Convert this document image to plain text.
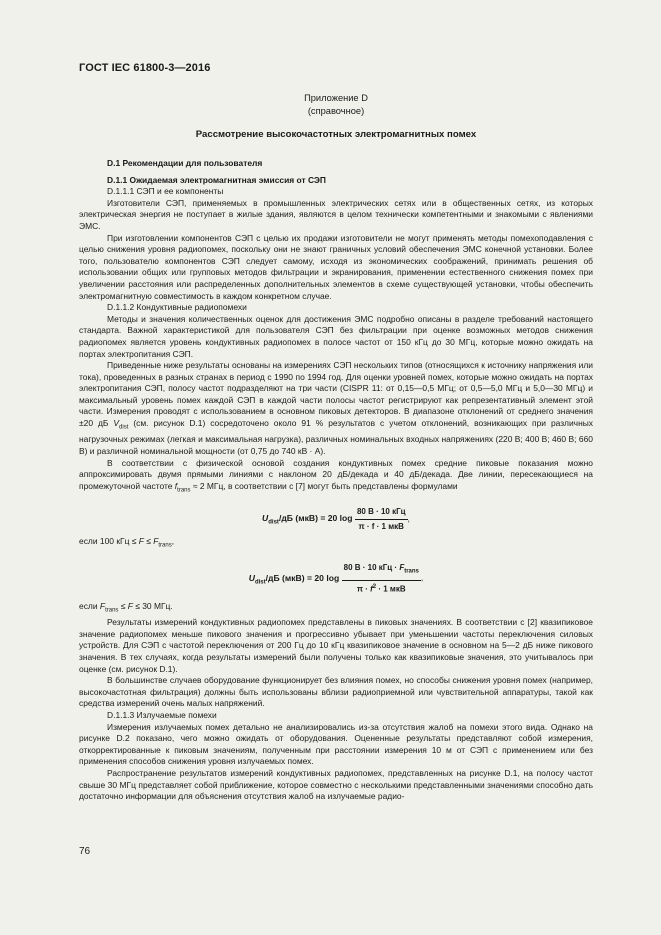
ГОСТ IEC 61800-3—2016
Приложение D
(справочное)
Рассмотрение высокочастотных электромагнитных помех

D.1 Рекомендации для пользователя

D.1.1 Ожидаемая электромагнитная эмиссия от СЭП

D.1.1.1 СЭП и ее компоненты

Изготовители СЭП, применяемых в промышленных электрических сетях или в общественных сетях, из которых электрическая энергия не поступает в жилые здания, являются в целом технически компетентными и знакомыми с явлениями ЭМС.

При изготовлении компонентов СЭП с целью их продажи изготовители не могут применять методы помехоподавления с целью снижения уровня радиопомех, поскольку они не знают граничных условий обеспечения ЭМС конечной установки. Более того, пользователю компонентов СЭП следует самому, исходя из экономических соображений, принимать решения об использовании общих или групповых методов фильтрации и экранирования, применении естественного снижения помех при увеличении расстояния или распределенных дополнительных элементов в схеме существующей установки, чтобы обеспечить электромагнитную совместимость в каждом конкретном случае.

D.1.1.2 Кондуктивные радиопомехи

Методы и значения количественных оценок для достижения ЭМС подробно описаны в разделе требований настоящего стандарта. Важной характеристикой для пользователя СЭП без фильтрации при оценке возможных методов снижения радиопомех является уровень кондуктивных радиопомех в полосе частот от 150 кГц до 30 МГц, которые можно ожидать на портах электропитания СЭП.

Приведенные ниже результаты основаны на измерениях СЭП нескольких типов (относящихся к источнику напряжения или тока), проведенных в разных странах в период с 1990 по 1994 год. Для оценки уровней помех, которые можно ожидать на портах электропитания СЭП, полосу частот подразделяют на три части (CISPR 11: от 0,15—0,5 МГц; от 0,5—5,0 МГц и 5,0—30 МГц) и максимальный уровень помех каждой СЭП в каждой части полосы частот регистрируют как репрезентативный элемент этой части. Измерения проводят с использованием в основном пиковых детекторов. В диапазоне отклонений от среднего значения ±20 дБ $V_{dist}$ (см. рисунок D.1) сосредоточено около 91 % результатов с учетом отклонений, возникающих при различных нагрузочных режимах (легкая и максимальная нагрузка), различных номинальных входных напряжениях (220 В; 400 В; 460 В; 660 В) и различной номинальной мощности (от 0,75 до 740 кВ · А).

В соответствии с физической основой создания кондуктивных помех средние пиковые показания можно аппроксимировать двумя прямыми линиями с наклоном 20 дБ/декада и 40 дБ/декада. Две линии, пересекающиеся на промежуточной частоте $f_{trans} \approx 2$ МГц, в соответствии с [7] могут быть представлены формулами

$U_{dist}/дБ$ (мкВ) = 20 $\log \frac{\text{80 В · 10 кГц}}{\text{π · f · 1 мкВ}}$ ,

если 100 кГц ≤ $F \le F_{trans}$,

$U_{dist}/дБ$ (мкВ) = 20 $\log \frac{80 В \cdot 10 кГц \cdot F_{trans}}{\pi \cdot f^2 \cdot 1 мкВ}$ ,

если $F_{trans} \le F \le 30$ МГц.

Результаты измерений кондуктивных радиопомех представлены в пиковых значениях. В соответствии с [2] квазипиковое значение радиопомех меньше пикового значения и прогрессивно убывает при уменьшении частоты переключения силовых устройств. Для СЭП с частотой переключения от 200 Гц до 10 кГц квазипиковое значение в основном на 5—2 дБ ниже пикового значения. В тех случаях, когда результаты измерений были получены только как квазипиковые значения, это учитывалось при оценке (см. рисунок D.1).

В большинстве случаев оборудование функционирует без влияния помех, но способы снижения уровня помех (например, высокочастотная фильтрация) должны быть использованы вблизи радиоприемной или чувствительной аппаратуры, такой как средства измерений очень малых напряжений.

D.1.1.3 Излучаемые помехи

Измерения излучаемых помех детально не анализировались из-за отсутствия жалоб на помехи этого вида. Однако на рисунке D.2 показано, чего можно ожидать от оборудования. Оцененные результаты представляют собой измерения, откорректированные к пиковым значениям, полученным при расстоянии измерения 10 м от СЭП с применением или без применения способов снижения уровня излучаемых помех.

Распространение результатов измерений кондуктивных радиопомех, представленных на рисунке D.1, на полосу частот свыше 30 МГц представляет собой приближение, которое совместно с несколькими представленными значениями способно дать достаточно информации для объяснения отсутствия жалоб на излучаемые радио-

76
